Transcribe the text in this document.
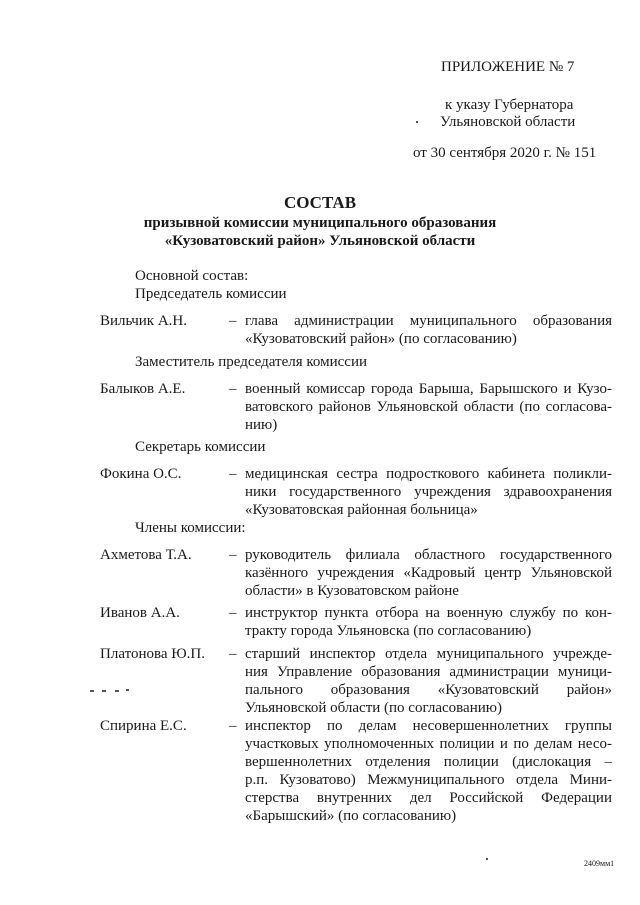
ПРИЛОЖЕНИЕ № 7
к указу Губернатора
Ульяновской области
от 30 сентября 2020 г. № 151
СОСТАВ
призывной комиссии муниципального образования
«Кузоватовский район» Ульяновской области
Основной состав:
Председатель комиссии
Вильчик А.Н.	– глава администрации муниципального образования
«Кузоватовский район» (по согласованию)
Заместитель председателя комиссии
Балыков А.Е.	– военный комиссар города Барыша, Барышского и Кузо-
ватовского районов Ульяновской области (по согласова-
нию)
Секретарь комиссии
Фокина О.С.	– медицинская сестра подросткового кабинета поликли-
ники государственного учреждения здравоохранения
«Кузоватовская районная больница»
Члены комиссии:
Ахметова Т.А. – руководитель филиала областного государственного
казённого учреждения «Кадровый центр Ульяновской
области» в Кузоватовском районе
Иванов А.А.	– инструктор пункта отбора на военную службу по кон-
тракту города Ульяновска (по согласованию)
Платонова Ю.П. – старший инспектор отдела муниципального учрежде-
ния Управление образования администрации муници-
пального образования «Кузоватовский район»
Ульяновской области (по согласованию)
Спирина Е.С.	– инспектор по делам несовершеннолетних группы
участковых уполномоченных полиции и по делам несо-
вершеннолетних отделения полиции (дислокация –
р.п. Кузоватово) Межмуниципального отдела Мини-
стерства внутренних дел Российской Федерации
«Барышский» (по согласованию)
2409мм1
